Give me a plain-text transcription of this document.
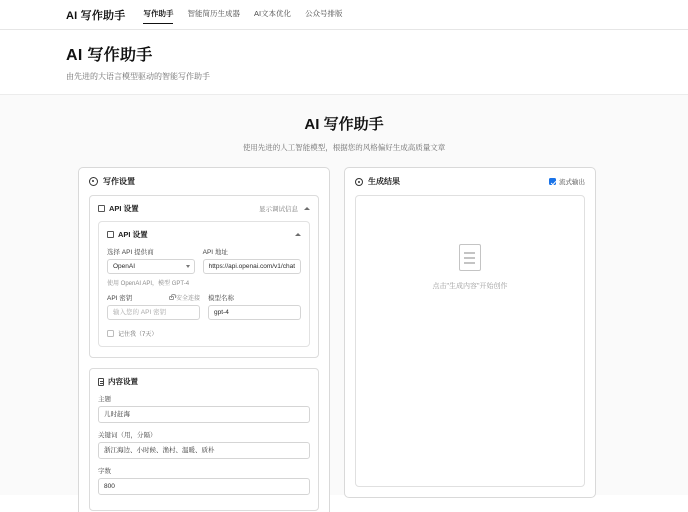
AI 写作助手 写作助手 智能简历生成器 AI文本优化 公众号排版
AI 写作助手

由先进的大语言模型驱动的智能写作助手

AI 写作助手

使用先进的人工智能模型，根据您的风格偏好生成高质量文章

写作设置
API 设置	显示调试信息
API 设置
选择 API 提供商
OpenAI
API 地址
https://api.openai.com/v1/chat
使用 OpenAI API，模型 GPT-4
API 密钥	安全连接
输入您的 API 密钥
模型名称
gpt-4
记住我（7天）
内容设置
主题
儿时赶海
关键词（用，分隔）
浙江海边、小时候、渔村、温暖、质朴
字数
800
生成结果	流式输出
点击"生成内容"开始创作
